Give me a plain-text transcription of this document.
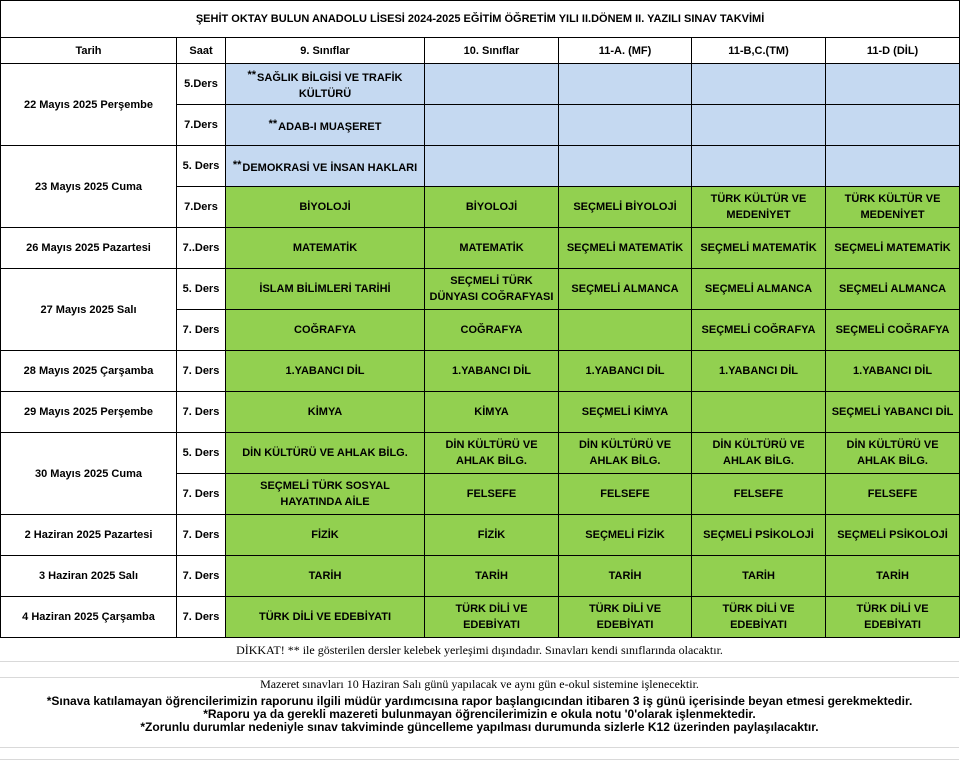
ŞEHİT OKTAY BULUN ANADOLU LİSESİ 2024-2025 EĞİTİM ÖĞRETİM YILI II.DÖNEM II. YAZILI SINAV TAKVİMİ						
Tarih	Saat	9. Sınıflar	10. Sınıflar	11-A. (MF)	11-B,C.(TM)	11-D (DİL)
22 Mayıs 2025 Perşembe	5.Ders	**SAĞLIK BİLGİSİ VE TRAFİK KÜLTÜRÜ				
	7.Ders	**ADAB-I MUAŞERET				
23 Mayıs 2025 Cuma	5. Ders	**DEMOKRASİ VE İNSAN HAKLARI				
	7.Ders	BİYOLOJİ	BİYOLOJİ	SEÇMELİ BİYOLOJİ	TÜRK KÜLTÜR VE MEDENİYET	TÜRK KÜLTÜR VE MEDENİYET
26 Mayıs 2025 Pazartesi	7..Ders	MATEMATİK	MATEMATİK	SEÇMELİ MATEMATİK	SEÇMELİ MATEMATİK	SEÇMELİ MATEMATİK
27 Mayıs 2025 Salı	5. Ders	İSLAM BİLİMLERİ TARİHİ	SEÇMELİ TÜRK DÜNYASI COĞRAFYASI	SEÇMELİ ALMANCA	SEÇMELİ ALMANCA	SEÇMELİ ALMANCA
	7. Ders	COĞRAFYA	COĞRAFYA		SEÇMELİ COĞRAFYA	SEÇMELİ COĞRAFYA
28 Mayıs 2025 Çarşamba	7. Ders	1.YABANCI DİL	1.YABANCI DİL	1.YABANCI DİL	1.YABANCI DİL	1.YABANCI DİL
29 Mayıs 2025 Perşembe	7. Ders	KİMYA	KİMYA	SEÇMELİ KİMYA		SEÇMELİ YABANCI DİL
30 Mayıs 2025 Cuma	5. Ders	DİN KÜLTÜRÜ VE AHLAK BİLG.	DİN KÜLTÜRÜ VE AHLAK BİLG.	DİN KÜLTÜRÜ VE AHLAK BİLG.	DİN KÜLTÜRÜ VE AHLAK BİLG.	DİN KÜLTÜRÜ VE AHLAK BİLG.
	7. Ders	SEÇMELİ TÜRK SOSYAL HAYATINDA AİLE	FELSEFE	FELSEFE	FELSEFE	FELSEFE
2 Haziran 2025 Pazartesi	7. Ders	FİZİK	FİZİK	SEÇMELİ FİZİK	SEÇMELİ PSİKOLOJİ	SEÇMELİ PSİKOLOJİ
3 Haziran 2025 Salı	7. Ders	TARİH	TARİH	TARİH	TARİH	TARİH
4 Haziran 2025 Çarşamba	7. Ders	TÜRK DİLİ VE EDEBİYATI	TÜRK DİLİ VE EDEBİYATI	TÜRK DİLİ VE EDEBİYATI	TÜRK DİLİ VE EDEBİYATI	TÜRK DİLİ VE EDEBİYATI
DİKKAT! ** ile gösterilen dersler kelebek yerleşimi dışındadır. Sınavları kendi sınıflarında olacaktır.
Mazeret sınavları 10 Haziran Salı günü yapılacak ve aynı gün e-okul sistemine işlenecektir.
*Sınava katılamayan öğrencilerimizin raporunu ilgili müdür yardımcısına rapor başlangıcından itibaren 3 iş günü içerisinde beyan etmesi gerekmektedir.
*Raporu ya da gerekli mazereti bulunmayan öğrencilerimizin e okula notu '0'olarak işlenmektedir.
*Zorunlu durumlar nedeniyle sınav takviminde güncelleme yapılması durumunda sizlerle K12 üzerinden paylaşılacaktır.
